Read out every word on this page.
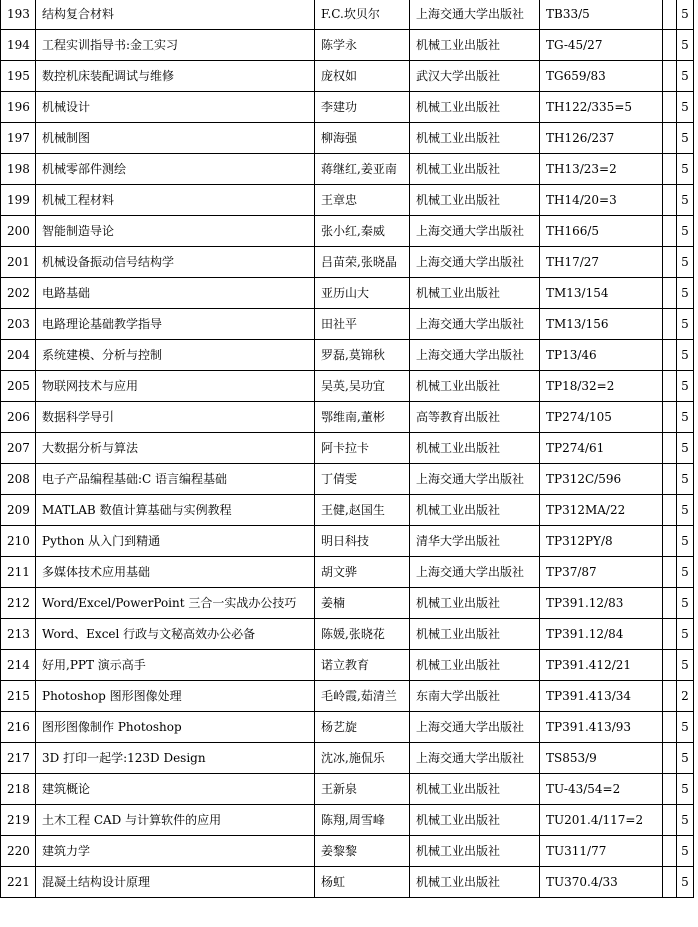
193	结构复合材料	F.C.坎贝尔	上海交通大学出版社	TB33/5		5
194	工程实训指导书:金工实习	陈学永	机械工业出版社	TG-45/27		5
195	数控机床装配调试与维修	庞权如	武汉大学出版社	TG659/83		5
196	机械设计	李建功	机械工业出版社	TH122/335=5		5
197	机械制图	柳海强	机械工业出版社	TH126/237		5
198	机械零部件测绘	蒋继红,姜亚南	机械工业出版社	TH13/23=2		5
199	机械工程材料	王章忠	机械工业出版社	TH14/20=3		5
200	智能制造导论	张小红,秦威	上海交通大学出版社	TH166/5		5
201	机械设备振动信号结构学	吕苗荣,张晓晶	上海交通大学出版社	TH17/27		5
202	电路基础	亚历山大	机械工业出版社	TM13/154		5
203	电路理论基础教学指导	田社平	上海交通大学出版社	TM13/156		5
204	系统建模、分析与控制	罗磊,莫锦秋	上海交通大学出版社	TP13/46		5
205	物联网技术与应用	吴英,吴功宜	机械工业出版社	TP18/32=2		5
206	数据科学导引	鄂维南,董彬	高等教育出版社	TP274/105		5
207	大数据分析与算法	阿卡拉卡	机械工业出版社	TP274/61		5
208	电子产品编程基础:C 语言编程基础	丁倩雯	上海交通大学出版社	TP312C/596		5
209	MATLAB 数值计算基础与实例教程	王健,赵国生	机械工业出版社	TP312MA/22		5
210	Python 从入门到精通	明日科技	清华大学出版社	TP312PY/8		5
211	多媒体技术应用基础	胡文骅	上海交通大学出版社	TP37/87		5
212	Word/Excel/PowerPoint 三合一实战办公技巧	姜楠	机械工业出版社	TP391.12/83		5
213	Word、Excel 行政与文秘高效办公必备	陈媛,张晓花	机械工业出版社	TP391.12/84		5
214	好用,PPT 演示高手	诺立教育	机械工业出版社	TP391.412/21		5
215	Photoshop 图形图像处理	毛岭霞,茹清兰	东南大学出版社	TP391.413/34		2
216	图形图像制作 Photoshop	杨艺旋	上海交通大学出版社	TP391.413/93		5
217	3D 打印一起学:123D Design	沈冰,施侃乐	上海交通大学出版社	TS853/9		5
218	建筑概论	王新泉	机械工业出版社	TU-43/54=2		5
219	土木工程 CAD 与计算软件的应用	陈翔,周雪峰	机械工业出版社	TU201.4/117=2		5
220	建筑力学	姜黎黎	机械工业出版社	TU311/77		5
221	混凝土结构设计原理	杨虹	机械工业出版社	TU370.4/33		5
